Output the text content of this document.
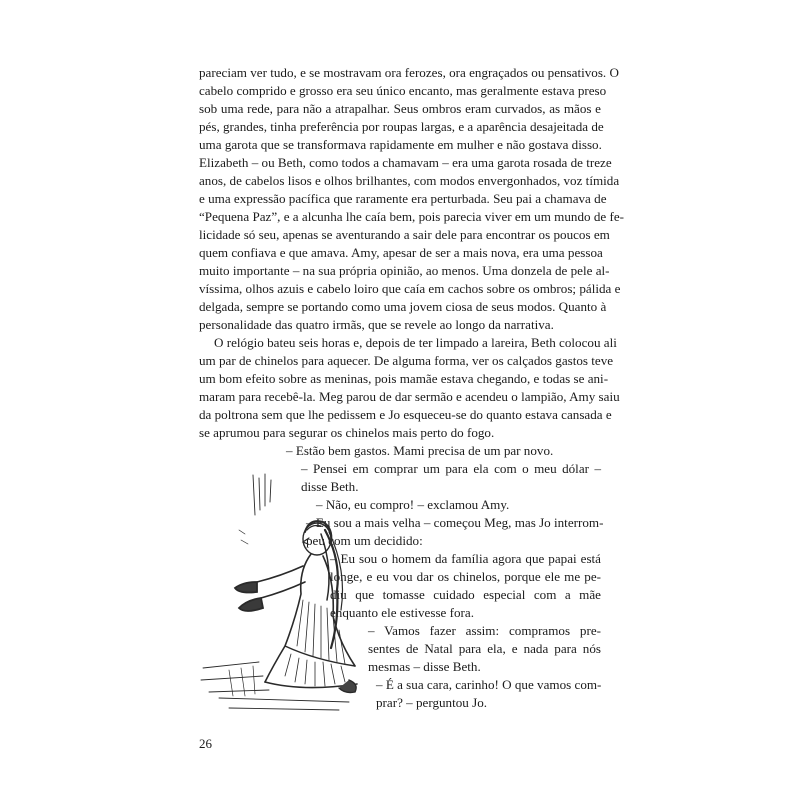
pareciam ver tudo, e se mostravam ora ferozes, ora engraçados ou pensativos. O
cabelo comprido e grosso era seu único encanto, mas geralmente estava preso
sob uma rede, para não a atrapalhar. Seus ombros eram curvados, as mãos e
pés, grandes, tinha preferência por roupas largas, e a aparência desajeitada de
uma garota que se transformava rapidamente em mulher e não gostava disso.
Elizabeth – ou Beth, como todos a chamavam – era uma garota rosada de treze
anos, de cabelos lisos e olhos brilhantes, com modos envergonhados, voz tímida
e uma expressão pacífica que raramente era perturbada. Seu pai a chamava de
“Pequena Paz”, e a alcunha lhe caía bem, pois parecia viver em um mundo de fe-
licidade só seu, apenas se aventurando a sair dele para encontrar os poucos em
quem confiava e que amava. Amy, apesar de ser a mais nova, era uma pessoa
muito importante – na sua própria opinião, ao menos. Uma donzela de pele al-
víssima, olhos azuis e cabelo loiro que caía em cachos sobre os ombros; pálida e
delgada, sempre se portando como uma jovem ciosa de seus modos. Quanto à
personalidade das quatro irmãs, que se revele ao longo da narrativa.
O relógio bateu seis horas e, depois de ter limpado a lareira, Beth colocou ali
um par de chinelos para aquecer. De alguma forma, ver os calçados gastos teve
um bom efeito sobre as meninas, pois mamãe estava chegando, e todas se ani-
maram para recebê-la. Meg parou de dar sermão e acendeu o lampião, Amy saiu
da poltrona sem que lhe pedissem e Jo esqueceu-se do quanto estava cansada e
se aprumou para segurar os chinelos mais perto do fogo.
– Estão bem gastos. Mami precisa de um par novo.
– Pensei em comprar um para ela com o meu dólar –
disse Beth.
– Não, eu compro! – exclamou Amy.
– Eu sou a mais velha – começou Meg, mas Jo interrom-
peu com um decidido:
– Eu sou o homem da família agora que papai está
longe, e eu vou dar os chinelos, porque ele me pe-
diu que tomasse cuidado especial com a mãe
enquanto ele estivesse fora.
– Vamos fazer assim: compramos pre-
sentes de Natal para ela, e nada para nós
mesmas – disse Beth.
– É a sua cara, carinho! O que vamos com-
prar? – perguntou Jo.
26
